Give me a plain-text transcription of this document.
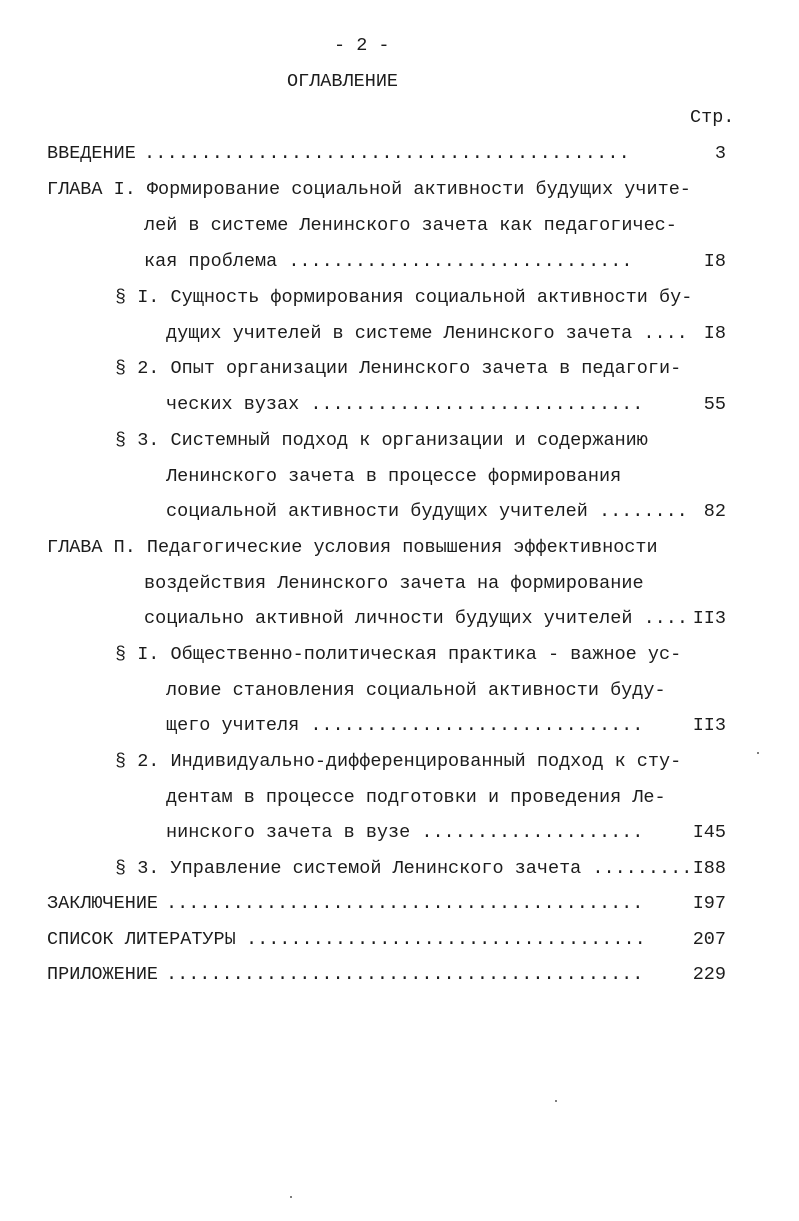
- 2 -
ОГЛАВЛЕНИЕ
Стр.
ВВЕДЕНИЕ ...........................................	3
ГЛАВА I. Формирование социальной активности будущих учите-
лей в системе Ленинского зачета как педагогичес-
кая проблема ...............................	I8
§ I. Сущность формирования социальной активности бу-
дущих учителей в системе Ленинского зачета .... I8
§ 2. Опыт организации Ленинского зачета в педагоги-
ческих вузах ..............................	55
§ 3. Системный подход к организации и содержанию
Ленинского зачета в процессе формирования
социальной активности будущих учителей ........ 82
ГЛАВА П. Педагогические условия повышения эффективности
воздействия Ленинского зачета на формирование
социально активной личности будущих учителей .... II3
§ I. Общественно-политическая практика - важное ус-
ловие становления социальной активности буду-
щего учителя ..............................	II3
§ 2. Индивидуально-дифференцированный подход к сту-
дентам в процессе подготовки и проведения Ле-
нинского зачета в вузе ....................	I45
§ 3. Управление системой Ленинского зачета ......... I88
ЗАКЛЮЧЕНИЕ ...........................................	I97
СПИСОК ЛИТЕРАТУРЫ ....................................	207
ПРИЛОЖЕНИЕ ...........................................	229
